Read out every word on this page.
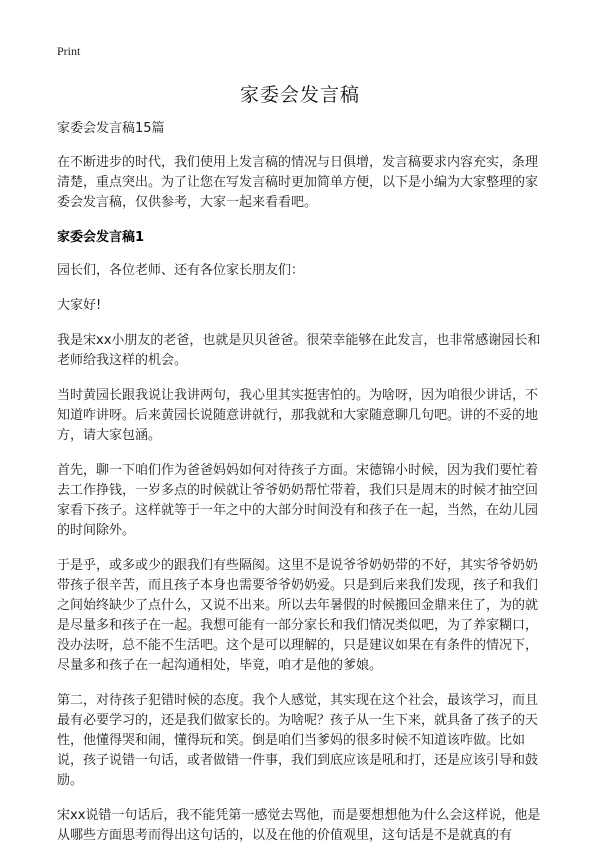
Print
家委会发言稿

家委会发言稿15篇

在不断进步的时代，我们使用上发言稿的情况与日俱增，发言稿要求内容充实，条理清楚，重点突出。为了让您在写发言稿时更加简单方便，以下是小编为大家整理的家委会发言稿，仅供参考，大家一起来看看吧。

家委会发言稿1

园长们，各位老师、还有各位家长朋友们：

大家好!

我是宋xx小朋友的老爸，也就是贝贝爸爸。很荣幸能够在此发言，也非常感谢园长和老师给我这样的机会。

当时黄园长跟我说让我讲两句，我心里其实挺害怕的。为啥呀，因为咱很少讲话，不知道咋讲呀。后来黄园长说随意讲就行，那我就和大家随意聊几句吧。讲的不妥的地方，请大家包涵。

首先，聊一下咱们作为爸爸妈妈如何对待孩子方面。宋德锦小时候，因为我们要忙着去工作挣钱，一岁多点的时候就让爷爷奶奶帮忙带着，我们只是周末的时候才抽空回家看下孩子。这样就等于一年之中的大部分时间没有和孩子在一起，当然，在幼儿园的时间除外。

于是乎，或多或少的跟我们有些隔阂。这里不是说爷爷奶奶带的不好，其实爷爷奶奶带孩子很辛苦，而且孩子本身也需要爷爷奶奶爱。只是到后来我们发现，孩子和我们之间始终缺少了点什么，又说不出来。所以去年暑假的时候搬回金鼎来住了，为的就是尽量多和孩子在一起。我想可能有一部分家长和我们情况类似吧，为了养家糊口，没办法呀，总不能不生活吧。这个是可以理解的，只是建议如果在有条件的情况下，尽量多和孩子在一起沟通相处，毕竟，咱才是他的爹娘。

第二，对待孩子犯错时候的态度。我个人感觉，其实现在这个社会，最该学习，而且最有必要学习的，还是我们做家长的。为啥呢？孩子从一生下来，就具备了孩子的天性，他懂得哭和闹，懂得玩和笑。倒是咱们当爹妈的很多时候不知道该咋做。比如说，孩子说错一句话，或者做错一件事，我们到底应该是吼和打，还是应该引导和鼓励。

宋xx说错一句话后，我不能凭第一感觉去骂他，而是要想想他为什么会这样说，他是从哪些方面思考而得出这句话的，以及在他的价值观里，这句话是不是就真的有
